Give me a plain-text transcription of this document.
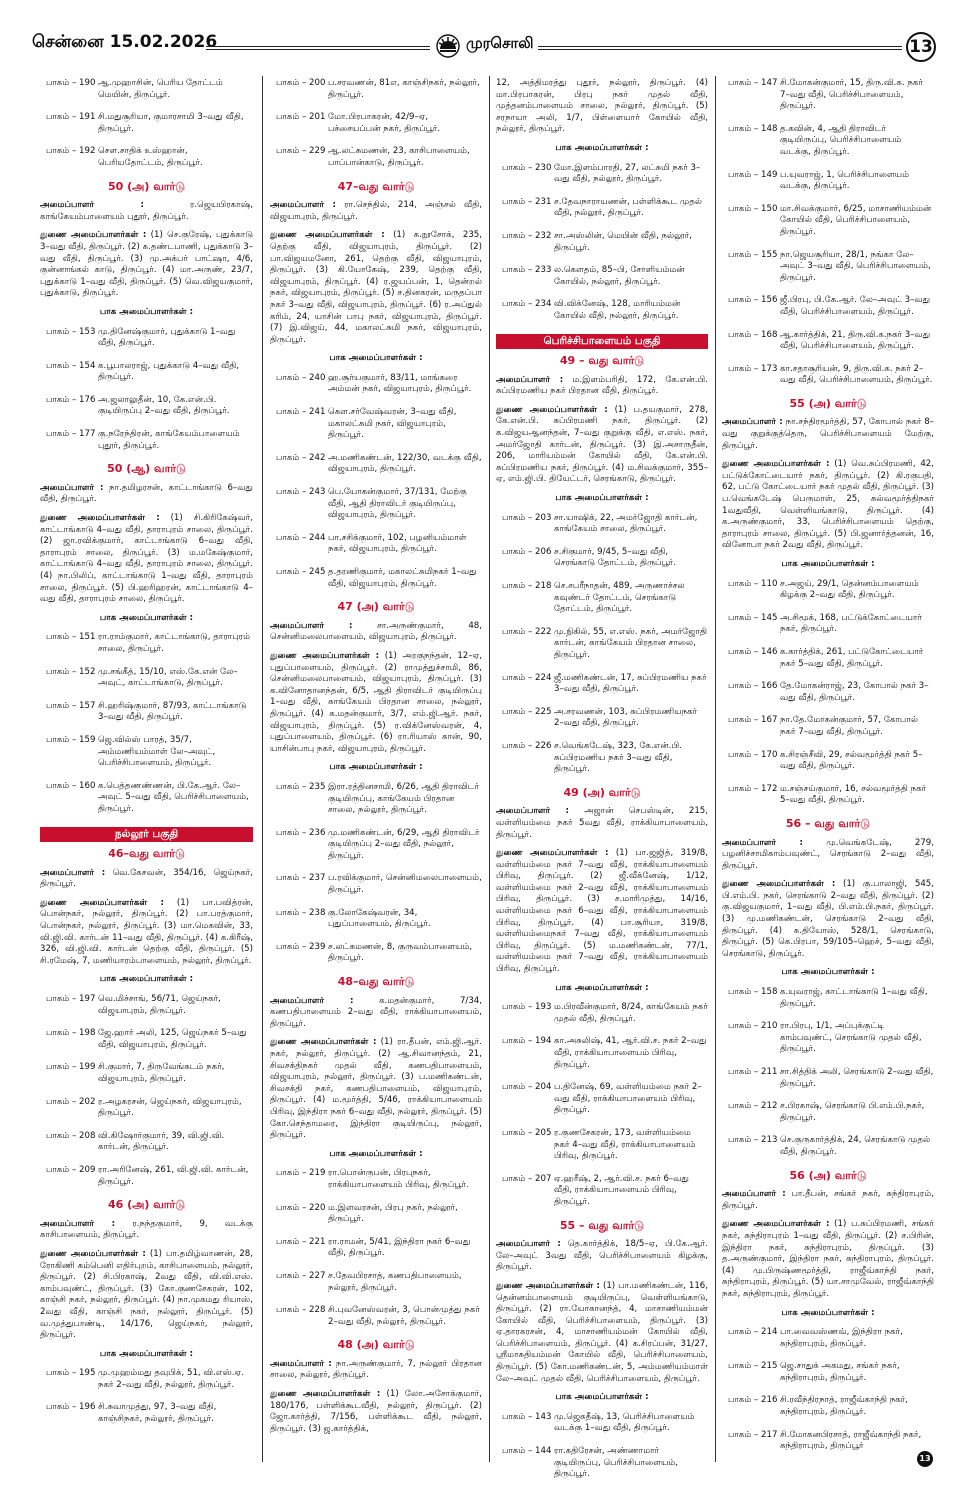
சென்னை 15.02.2026	முரசொலி	13
பாகம் – 190 ஆ.முஹாசின், பெரிய தோட்டம் மெயின், திருப்பூர்.
பாகம் – 191 சி.மதுசூரியா, குமாரசாமி 3–வது வீதி, திருப்பூர்.
பாகம் – 192 சௌ.சாதிக் உஸ்ஹான், பெரியதோட்டம், திருப்பூர்.
50 (அ) வார்டு
அமைப்பாளர் :	ர.ஜெயபிரகாஷ், காங்கேயம்பாளையம் புதூர், திருப்பூர்.
துணை அமைப்பாளர்கள் : (1) செ.குரேஷ், புதுக்காடு 3–வது வீதி, திருப்பூர். (2) க.தண்டபாணி, புதுக்காடு 3–வது வீதி, திருப்பூர். (3) மு.அக்பர் பாட்ஷா, 4/6, குன்னாங்கல் காடு, திருப்பூர். (4) மா.அருண், 23/7, புதுக்காடு 1–வது வீதி, திருப்பூர். (5) வெ.விஜயகுமார், புதுக்காடு, திருப்பூர்.
பாக அமைப்பாளர்கள் :
பாகம் – 153 மு.தினேஷ்குமார், புதுக்காடு 1–வது வீதி, திருப்பூர்.
பாகம் – 154 க.பூபாலராஜ், புதுக்காடு 4–வது வீதி, திருப்பூர்.
பாகம் – 176 அ.ஜலாலுதீன், 10, கே.என்.பி. குடியிருப்பு 2–வது வீதி, திருப்பூர்.
பாகம் – 177 கு.நரேந்திரன், காங்கேயம்பாளையம் புதூர், திருப்பூர்.
50 (ஆ) வார்டு
அமைப்பாளர் : நா.தமிழரசன், காட்டாங்காடு 6–வது வீதி, திருப்பூர்.
துணை அமைப்பாளர்கள் : (1) சி.கிரிகேஷ்வர், காட்டாங்காடு 4–வது வீதி, தாராபுரம் சாலை, திருப்பூர். (2) ஜா.ரவிக்குமார், காட்டாங்காடு 6–வது வீதி, தாராபுரம் சாலை, திருப்பூர். (3) ம.மகேஷ்குமார், காட்டாங்காடு 4–வது வீதி, தாராபுரம் சாலை, திருப்பூர். (4) நா.பிலிப், காட்டாங்காடு 1–வது வீதி, தாராபுரம் சாலை, திருப்பூர். (5) பி.ஹரிஹரன், காட்டாங்காடு 4–வது வீதி, தாராபுரம் சாலை, திருப்பூர்.
பாக அமைப்பாளர்கள் :
பாகம் – 151 ரா.ராம்குமார், காட்டாங்காடு, தாராபுரம் சாலை, திருப்பூர்.
பாகம் – 152 மு.சங்கீத், 15/10, எஸ்.கே.என் லே–அவுட், காட்டாங்காடு, திருப்பூர்.
பாகம் – 157 சி.ஹரிஷ்குமார், 87/93, காட்டாங்காடு 3–வது வீதி, திருப்பூர்.
பாகம் – 159 ஜெ.வில்ஸ் பாரத், 35/7, அம்மணியம்மாள் லே–அவுட், பெரிச்சிபாளையம், திருப்பூர்.
பாகம் – 160 க.பெத்தணண்ணன், பி.கே.ஆர். லே–அவுட் 5–வது வீதி, பெரிச்சிபாளையம், திருப்பூர்.
நல்லூர் பகுதி
46–வது வார்டு
அமைப்பாளர் : வெ.கேசவன், 354/16, ஜெய்நகர், திருப்பூர்.
துணை அமைப்பாளர்கள் : (1) பா.பவித்ரன், பொன்நகர், நல்லூர், திருப்பூர். (2) பா.பரத்குமார், பொன்நகர், நல்லூர், திருப்பூர். (3) மா.மெகவின், 33, வி.ஜி.வி. கார்டன் 11–வது வீதி, திருப்பூர். (4) க.கிரீஷ், 326, வி.ஜி.வி. கார்டன் தெற்கு வீதி, திருப்பூர். (5) சி.ரமேஷ், 7, மணியாரம்பாளையம், நல்லூர், திருப்பூர்.
பாக அமைப்பாளர்கள் :
பாகம் – 197 வெ.மிச்சாங், 56/71, ஜெய்நகர், விஜயாபுரம், திருப்பூர்.
பாகம் – 198 ஜே.ஹார் அலி, 125, ஜெய்நகர் 5–வது வீதி, விஜயாபுரம், திருப்பூர்.
பாகம் – 199 சி.குமார், 7, திருவேங்கடம் நகர், விஜயாபுரம், திருப்பூர்.
பாகம் – 202 ர.அழகரசன், ஜெய்நகர், விஜயாபுரம், திருப்பூர்.
பாகம் – 208 வி.கிஷோர்குமார், 39, வி.ஜி.வி. கார்டன், திருப்பூர்.
பாகம் – 209 ரா.அரினேஷ், 261, வி.ஜி.வி. கார்டன், திருப்பூர்.
46 (அ) வார்டு
அமைப்பாளர் : ர.நந்தகுமார், 9, வடக்கு காசிபாளையம், திருப்பூர்.
துணை அமைப்பாளர்கள் : (1) பா.தமிழ்வாணன், 28, ரோகிணி கம்பெனி எதிர்புறம், காசிபாளையம், நல்லூர், திருப்பூர். (2) சி.பிரகாஷ், 2வது வீதி, வி.வி.எஸ். காம்பவுண்ட், திருப்பூர். (3) கோ.குணசேகரன், 102, காஞ்சி நகர், நல்லூர், திருப்பூர். (4) நா.முகமது ரியாஸ், 2வது வீதி, காஞ்சி நகர், நல்லூர், திருப்பூர். (5) வ.முத்துபாண்டி, 14/176, ஜெய்நகர், நல்லூர், திருப்பூர்.
பாக அமைப்பாளர்கள் :
பாகம் – 195 மு.முஹம்மது தவுபிக், 51, வி.எஸ்.ஏ. நகர் 2–வது வீதி, நல்லூர், திருப்பூர்.
பாகம் – 196 சி.சுவாமுத்து, 97, 3–வது வீதி, காஞ்சிநகர், நல்லூர், திருப்பூர்.
பாகம் – 200 ப.சரவணன், 81எ, காஞ்சிநகர், நல்லூர், திருப்பூர்.
பாகம் – 201 மோ.பிரபாகரன், 42/9–ஏ, பச்சையப்பன் நகர், திருப்பூர்.
பாகம் – 229 ஆ.லட்சுமணன், 23, காசிபாளையம், பாப்பான்காடு, திருப்பூர்.
47–வது வார்டு
அமைப்பாளர் : ரா.செந்தில், 214, அஞ்சல் வீதி, விஜயாபுரம், திருப்பூர்.
துணை அமைப்பாளர்கள் : (1) க.நூசோக், 235, தெற்கு வீதி, விஜயாபுரம், திருப்பூர். (2) பா.விஜயமனோ, 261, தெற்கு வீதி, விஜயாபுரம், திருப்பூர். (3) கி.யோகேஷ், 239, தெற்கு வீதி, விஜயாபுரம், திருப்பூர். (4) ர.ஜயப்பன், 1, தென்றல் நகர், விஜயாபுரம், திருப்பூர். (5) ச.தினகரன், மருதப்பா நகர் 3–வது வீதி, விஜயாபுரம், திருப்பூர். (6) ர.அப்துல் கரிம், 24, யாசின் பாபு நகர், விஜயாபுரம், திருப்பூர். (7) இ.விஜய், 44, மகாலட்சுமி நகர், விஜயாபுரம், திருப்பூர்.
பாக அமைப்பாளர்கள் :
பாகம் – 240 ஹ.சூர்யகுமார், 83/11, மாங்கரை அம்மன் நகர், விஜயாபுரம், திருப்பூர்.
பாகம் – 241 கௌ.சர்வேஷ்வரன், 3–வது வீதி, மகாலட்சுமி நகர், விஜயாபுரம், திருப்பூர்.
பாகம் – 242 அ.மணிகண்டன், 122/30, வடக்கு வீதி, விஜயாபுரம், திருப்பூர்.
பாகம் – 243 பெ.யோகன்குமார், 37/131, மேற்கு வீதி, ஆதி திராவிடர் குடியிருப்பு, விஜயாபுரம், திருப்பூர்.
பாகம் – 244 பா.சசிக்குமார், 102, பழனியம்மாள் நகர், விஜயாபுரம், திருப்பூர்.
பாகம் – 245 த.தரணிகுமார், மகாலட்சுமிநகர் 1–வது வீதி, விஜயாபுரம், திருப்பூர்.
47 (அ) வார்டு
அமைப்பாளர் :	சா.அருண்குமார், 48, சென்னிமலைபாளையம், விஜயாபுரம், திருப்பூர்.
துணை அமைப்பாளர்கள் : (1) அரகுநந்தன், 12–ஏ, புதுப்பாளையம், திருப்பூர். (2) ராமுத்துச்சாமி, 86, சென்னிமலைபாளையம், விஜயாபுரம், திருப்பூர். (3) க.வினோதானந்தன், 6/5, ஆதி திராவிடர் குடியிருப்பு 1–வது வீதி, காங்கேயம் பிரதான சாலை, நல்லூர், திருப்பூர். (4) க.மதன்குமார், 3/7, எம்.ஜி.ஆர். நகர், விஜயாபுரம், திருப்பூர். (5) ர.விக்னேஸ்வரன், 4, புதுப்பாளையம், திருப்பூர். (6) ரா.ரியாஸ் கான், 90, யாசின்பாபு நகர், விஜயாபுரம், திருப்பூர்.
பாக அமைப்பாளர்கள் :
பாகம் – 235 இரா.ரத்தினசாமி, 6/26, ஆதி திராவிடர் குடியிருப்பு, காங்கேயம் பிரதான சாலை, நல்லூர், திருப்பூர்.
பாகம் – 236 மு.மணிகண்டன், 6/29, ஆதி திராவிடர் குடியிருப்பு 2–வது வீதி, நல்லூர், திருப்பூர்.
பாகம் – 237 ப.ரவிக்குமார், சென்னிமலைபாளையம், திருப்பூர்.
பாகம் – 238 கு.லோகேஷ்வரன், 34, புதுப்பாளையம், திருப்பூர்.
பாகம் – 239 ச.லட்சுமணன், 8, குருவம்பாளையம், திருப்பூர்.
48–வது வார்டு
அமைப்பாளர் :	க.மதன்குமார், 7/34, கணபதிபாளையம் 2–வது வீதி, ராக்கியாபாளையம், திருப்பூர்.
துணை அமைப்பாளர்கள் : (1) ரா.தீபன், எம்.ஜி.ஆர். நகர், நல்லூர், திருப்பூர். (2) ஆ.சிவானந்தம், 21, சிவசக்திநகர் முதல் வீதி, கணபதிபாளையம், விஜயாபுரம், நல்லூர், திருப்பூர். (3) ப.மணிகண்டன், சிவசக்தி நகர், கணபதிபாளையம், விஜயாபுரம், திருப்பூர். (4) ம.மூர்த்தி, 5/46, ராக்கியாபாளையம் பிரிவு, இந்திரா நகர் 6–வது வீதி, நல்லூர், திருப்பூர். (5) கோ.செந்தாமரை, இந்திரா குடியிருப்பு, நல்லூர், திருப்பூர்.
பாக அமைப்பாளர்கள் :
பாகம் – 219 ரா.பொன்ருபன், பிரபுநகர், ராக்கியாபாளையம் பிரிவு, திருப்பூர்.
பாகம் – 220 ம.இளவரசன், பிரபு நகர், நல்லூர், திருப்பூர்.
பாகம் – 221 ரா.ராமன், 5/41, இந்திரா நகர் 6–வது வீதி, திருப்பூர்.
பாகம் – 227 ச.தேவபிரசாத், கணபதிபாளையம், நல்லூர், திருப்பூர்.
பாகம் – 228 சி.புவனேஸ்வரன், 3, பொன்முத்து நகர் 2–வது வீதி, நல்லூர், திருப்பூர்.
48 (அ) வார்டு
அமைப்பாளர் : நா.அருண்குமார், 7, நல்லூர் பிரதான சாலை, நல்லூர், திருப்பூர்.
துணை அமைப்பாளர்கள் : (1) லோ.அசோக்குமார், 180/176, பள்ளிக்கூடவீதி, நல்லூர், திருப்பூர். (2) ஜோ.கார்த்தி, 7/156, பள்ளிக்கூட வீதி, நல்லூர், திருப்பூர். (3) ஜ.கார்த்திக்,
12, அத்திமரத்து புதூர், நல்லூர், திருப்பூர். (4) மா.பிரபாகரன், பிரபு நகர் முதல் வீதி, முத்தனம்பாளையம் சாலை, நல்லூர், திருப்பூர். (5) சரநாயா அலி, 1/7, பிள்ளையார் கோயில் வீதி, நல்லூர், திருப்பூர்.
பாக அமைப்பாளர்கள் :
பாகம் – 230 மோ.இளம்பாரதி, 27, லட்சுமி நகர் 3–வது வீதி, நல்லூர், திருப்பூர்.
பாகம் – 231 ச.தேவநாராயணன், பள்ளிக்கூட முதல் வீதி, நல்லூர், திருப்பூர்.
பாகம் – 232 சா.அஸ்லின், மெயின் வீதி, நல்லூர், திருப்பூர்.
பாகம் – 233 ல.கௌதம், 85–பி, சோளியம்மன் கோயில், நல்லூர், திருப்பூர்.
பாகம் – 234 வி.விக்னேஷ், 128, மாரியம்மன் கோயில் வீதி, நல்லூர், திருப்பூர்.
பெரிச்சிபாளையம் பகுதி
49 – வது வார்டு
அமைப்பாளர் : ம.இளம்பரிதி, 172, கே.என்.பி. சுப்பிரமணிய நகர் பிரதான வீதி, திருப்பூர்.
துணை அமைப்பாளர்கள் : (1) ப.தயகுமார், 278, கே.என்.பி. சுப்பிரமணி நகர், திருப்பூர். (2) க.விஜயஆனந்தன், 7–வது குறுக்கு வீதி, எ.எஸ். நகர், அமர்ஜோதி கார்டன், திருப்பூர். (3) இ.அசாருதீன், 206, மாரியம்மன் கோயில் வீதி, கே.என்.பி. சுப்பிரமணிய நகர், திருப்பூர். (4) ம.சிவக்குமார், 355–ஏ, எம்.ஜி.பி. தியேட்டர், செரங்காடு, திருப்பூர்.
பாக அமைப்பாளர்கள் :
பாகம் – 203 சா.யாஷிக், 22, அமர்ஜோதி கார்டன், காங்கேயம் சாலை, திருப்பூர்.
பாகம் – 206 ச.சிகுமார், 9/45, 5–வது வீதி, செரங்காடு தோட்டம், திருப்பூர்.
பாகம் – 218 செ.சபரீநாதன், 489, அருணாச்சல கவுண்டர் தோட்டம், செரங்காடு தோட்டம், திருப்பூர்.
பாகம் – 222 மு.நிகில், 55, எ.எஸ். நகர், அமர்ஜோதி கார்டன், காங்கேயம் பிரதான சாலை, திருப்பூர்.
பாகம் – 224 ஜீ.மணிகண்டன், 17, சுப்பிரமணிய நகர் 3–வது வீதி, திருப்பூர்.
பாகம் – 225 அ.சரவணன், 103, சுப்பிரமணியநகர் 2–வது வீதி, திருப்பூர்.
பாகம் – 226 ச.வெங்கடேஷ், 323, கே.என்.பி. சுப்பிரமணிய நகர் 3–வது வீதி, திருப்பூர்.
49 (அ) வார்டு
அமைப்பாளர் : அஜான் செபஸ்டின், 215, வள்ளியம்மை நகர் 5வது வீதி, ராக்கியாபாளையம், திருப்பூர்.
துணை அமைப்பாளர்கள் : (1) பா.ஜஜித், 319/8, வள்ளியம்மை நகர் 7–வது வீதி, ராக்கியாபாளையம் பிரிவு, திருப்பூர். (2) ஜீ.வீக்னேஷ், 1/12, வள்ளியம்மை நகர் 2–வது வீதி, ராக்கியாபாளையம் பிரிவு, திருப்பூர். (3) ச.மாரிமுத்து, 14/16, வள்ளியம்மை நகர் 6–வது வீதி, ராக்கியாபாளையம் பிரிவு, திருப்பூர். (4) பா.சூரியா, 319/8, வள்ளியம்மைநகர் 7–வது வீதி, ராக்கியாபாளையம் பிரிவு, திருப்பூர். (5) ம.மணிகண்டன், 77/1, வள்ளியம்மை நகர் 7–வது வீதி, ராக்கியாபாளையம் பிரிவு, திருப்பூர்.
பாக அமைப்பாளர்கள் :
பாகம் – 193 ம.பிரவீன்குமார், 8/24, காங்கேயம் நகர் முதல் வீதி, திருப்பூர்.
பாகம் – 194 கா.அசுலிஷ், 41, ஆர்.வி.ச. நகர் 2–வது வீதி, ராக்கியாபாளையம் பிரிவு, திருப்பூர்.
பாகம் – 204 ப.தினேஷ், 69, வள்ளியம்மை நகர் 2–வது வீதி, ராக்கியாபாளையம் பிரிவு, திருப்பூர்.
பாகம் – 205 ர.குணசேகரன், 173, வள்ளியம்மை நகர் 4–வது வீதி, ராக்கியாபாளையம் பிரிவு, திருப்பூர்.
பாகம் – 207 ஏ.ஹரீஷ், 2, ஆர்.வி.ச. நகர் 6–வது வீதி, ராக்கியாபாளையம் பிரிவு, திருப்பூர்.
55 – வது வார்டு
அமைப்பாளர் : தெ.கார்த்திக், 18/5–ஏ, பி.கே.ஆர். லே–அவுட் 3வது வீதி, பெரிச்சிபாளையம் கிழக்கு, திருப்பூர்.
துணை அமைப்பாளர்கள் : (1) பா.மணிகண்டன், 116, தென்னம்பாளையம் குடியிருப்பு, வெள்ளியங்காடு, திருப்பூர். (2) ரா.யோகானந்த், 4, மாசாணியம்மன் கோயில் வீதி, பெரிச்சிபாளையம், திருப்பூர். (3) ஏ.தாரகரசன், 4, மாசாணியம்மன் கோயில் வீதி, பெரிச்சிபாளையம், திருப்பூர். (4) க.சிரப்பன், 31/27, ஸ்ரீமாகதியம்மன் கோயில் வீதி, பெரிச்சிபாளையம், திருப்பூர். (5) கோ.மணிகண்டன், 5, அம்மணியம்மாள் லே–அவுட் முதல் வீதி, பெரிச்சிபாளையம், திருப்பூர்.
பாக அமைப்பாளர்கள் :
பாகம் – 143 மு.ஜெகதீஷ், 13, பெரிச்சிபாளையம் வடக்கு 1–வது வீதி, திருப்பூர்.
பாகம் – 144 ரா.கதிரேசன், அண்ணாமார் குடியிருப்பு, பெரிச்சிபாளையம், திருப்பூர்.
பாகம் – 147 சி.மோகன்குமார், 15, திரு.வி.க. நகர் 7–வது வீதி, பெரிச்சிபாளையம், திருப்பூர்.
பாகம் – 148 த.கவின், 4, ஆதி திராவிடர் குடியிருப்பு, பெரிச்சிபாளையம் வடக்கு, திருப்பூர்.
பாகம் – 149 ப.யுவராஜ், 1, பெரிச்சிபாளையம் வடக்கு, திருப்பூர்.
பாகம் – 150 மா.சிவக்குமார், 6/25, மாசாணியம்மன் கோயில் வீதி, பெரிச்சிபாளையம், திருப்பூர்.
பாகம் – 155 நா.ஜெயசூரியா, 28/1, நங்கா லே–அவுட் 3–வது வீதி, பெரிச்சிபாளையம், திருப்பூர்.
பாகம் – 156 ஜீ.பிரபு, பி.கே.ஆர். லே–அவுட் 3–வது வீதி, பெரிச்சிபாளையம், திருப்பூர்.
பாகம் – 168 ஆ.கார்த்திக், 21, திரு.வி.க.நகர் 3–வது வீதி, பெரிச்சிபாளையம், திருப்பூர்.
பாகம் – 173 கா.சதாசூரியன், 9, திரு.வி.க. நகர் 2–வது வீதி, பெரிச்சிபாளையம், திருப்பூர்.
55 (அ) வார்டு
அமைப்பாளர் : நா.சந்திரமூர்த்தி, 57, கோபால் நகர் 8–வது குறுக்குத்தெரு, பெரிச்சிபாளையம் மேற்கு, திருப்பூர்.
துணை அமைப்பாளர்கள் : (1) வெ.சுப்பிரமணி, 42, பட்டுக்கோட்டையார் நகர், திருப்பூர். (2) கி.ரகுபதி, 62, பட்டு கோட்டையார் நகர் முதல் வீதி, திருப்பூர். (3) ப.வெங்கடேஷ் பெருமாள், 25, சுல்வமூர்த்திநகர் 1வதுவீதி, வெள்ளியங்காடு, திருப்பூர். (4) க.அருண்குமார், 33, பெரிச்சிபாளையம் தெற்கு, தாராபுரம் சாலை, திருப்பூர். (5) பி.ஜனார்த்தனன், 16, வினோபா நகர் 2வது வீதி, திருப்பூர்.
பாக அமைப்பாளர்கள் :
பாகம் – 110 ச.அஜய், 29/1, தென்னம்பாளையம் கிழக்கு 2–வது வீதி, திருப்பூர்.
பாகம் – 145 அ.சிமூக், 168, பட்டுக்கோட்டையார் நகர், திருப்பூர்.
பாகம் – 146 க.கார்த்திக், 261, பட்டுகோட்டையார் நகர் 5–வது வீதி, திருப்பூர்.
பாகம் – 166 தே.மோகன்ராஜ், 23, கோபால் நகர் 3–வது வீதி, திருப்பூர்.
பாகம் – 167 நா.தே.மோகன்குமார், 57, கோபால் நகர் 7–வது வீதி, திருப்பூர்.
பாகம் – 170 க.சிரஞ்சீவி, 29, சல்வமூர்த்தி நகர் 5–வது வீதி, திருப்பூர்.
பாகம் – 172 ம.சஞ்சய்குமார், 16, சல்வமூர்த்தி நகர் 5–வது வீதி, திருப்பூர்.
56 – வது வார்டு
அமைப்பாளர் :	மு.வெங்கடேஷ், 279, பழனிச்சாமிகாம்பவுண்ட், செரங்காடு 2–வது வீதி, திருப்பூர்.
துணை அமைப்பாளர்கள் : (1) கு.பாலாஜி, 545, பி.எம்.பி. நகர், செரங்காடு 2–வது வீதி, திருப்பூர். (2) கு.விஜயகுமார், 1–வது வீதி, பி.எம்.பி.நகர், திருப்பூர். (3) மு.மணிகண்டன், செரங்காடு 2–வது வீதி, திருப்பூர். (4) க.தியோஸ், 528/1, செரங்காடு, திருப்பூர். (5) கெ.பிரபா, 59/105–ஹெச், 5–வது வீதி, செரங்காடு, திருப்பூர்.
பாக அமைப்பாளர்கள் :
பாகம் – 158 க.யுவராஜ், காட்டாங்காடு 1–வது வீதி, திருப்பூர்.
பாகம் – 210 ரா.பிரபு, 1/1, அப்புக்குட்டி காம்பவுண்ட், செரங்காடு முதல் வீதி, திருப்பூர்.
பாகம் – 211 சா.சித்திக் அலி, செரங்காடு 2–வது வீதி, திருப்பூர்.
பாகம் – 212 ச.பிரகாஷ், செரங்காடு பி.எம்.பி.நகர், திருப்பூர்.
பாகம் – 213 செ.குருகார்த்திக், 24, செரங்காடு முதல் வீதி, திருப்பூர்.
56 (அ) வார்டு
அமைப்பாளர் : பா.தீபன், சங்கர் நகர், சுந்திராபுரம், திருப்பூர்.
துணை அமைப்பாளர்கள் : (1) ப.சுப்பிரமணி, சங்கர் நகர், சுந்திராபுரம் 1–வது வீதி, திருப்பூர். (2) ச.பிரின், இந்திரா நகர், சுந்திராபுரம், திருப்பூர். (3) த.அருண்குமார், இந்திரா நகர், சுந்திராபுரம், திருப்பூர். (4) மு.பிருஷ்ணமூர்த்தி, ராஜீவ்காந்தி நகர், சுந்திராபுரம், திருப்பூர். (5) யா.சாமுவேல், ராஜீவ்காந்தி நகர், சுந்திராபுரம், திருப்பூர்.
பாக அமைப்பாளர்கள் :
பாகம் – 214 பா.வைவஸ்ணவ், இந்திரா நகர், சுந்திராபுரம், திருப்பூர்.
பாகம் – 215 ஜெ.சாதுக் அகமது, சங்கர் நகர், சுந்திராபுரம், திருப்பூர்.
பாகம் – 216 சி.ரவீந்திரநாத், ராஜீவ்காந்தி நகர், சுந்திராபுரம், திருப்பூர்.
பாகம் – 217 சி.மோகனபிரசாத், ராஜீவ்காந்தி நகர், சுந்திராபுரம், திருப்பூர்
13
